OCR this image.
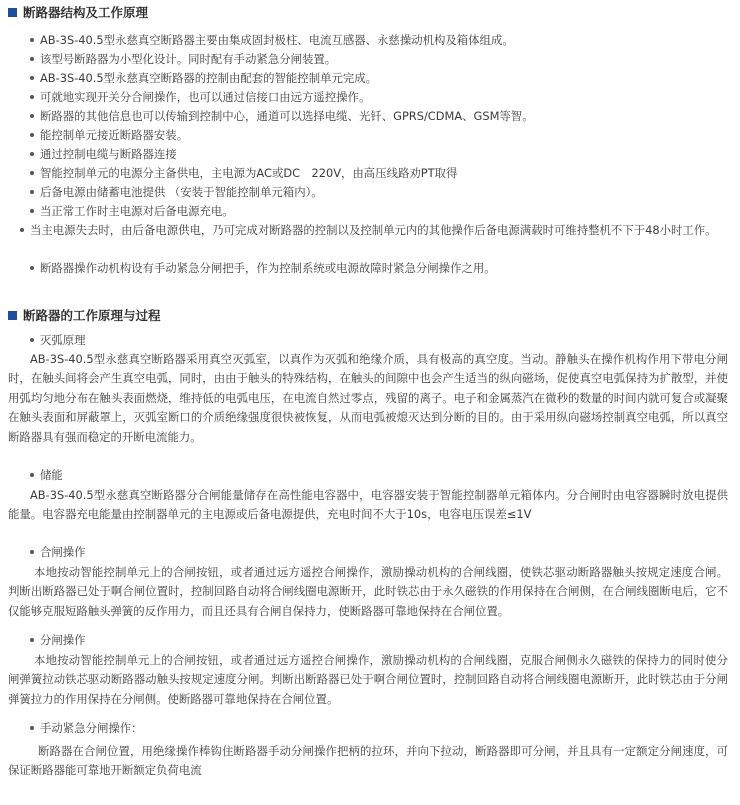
断路器结构及工作原理
AB-3S-40.5型永慈真空断路器主要由集成固封极柱、电流互感器、永慈操动机构及箱体组成。
该型号断路器为小型化设计。同时配有手动紧急分闸装置。
AB-3S-40.5型永慈真空断路器的控制由配套的智能控制单元完成。
可就地实现开关分合闸操作，也可以通过信接口由远方遥控操作。
断路器的其他信息也可以传输到控制中心，通道可以选择电缆、光钎、GPRS/CDMA、GSM等智。
能控制单元接近断路器安装。
通过控制电缆与断路器连接
智能控制单元的电源分主备供电，主电源为AC或DC　220V，由高压线路劝PT取得
后备电源由储蓄电池提供 （安装于智能控制单元箱内）。
当正常工作时主电源对后备电源充电。
当主电源失去时，由后备电源供电，乃可完成对断路器的控制以及控制单元内的其他操作后备电源满载时可维持整机不下于48小时工作。
断路器操作动机构设有手动紧急分闸把手，作为控制系统或电源故障时紧急分闸操作之用。
断路器的工作原理与过程
灭弧原理
AB-3S-40.5型永慈真空断路器采用真空灭弧室，以真作为灭弧和绝缘介质，具有极高的真空度。当动。静触头在操作机构作用下带电分闸时，在触头间将会产生真空电弧，同时，由由于触头的特殊结构，在触头的间隙中也会产生适当的纵向磁场，促使真空电弧保持为扩散型，并使用弧均匀地分布在触头表面燃烧，维持低的电弧电压，在电流自然过零点，残留的离子。电子和金属蒸汽在微秒的数量的时间内就可复合或凝聚在触头表面和屏蔽罩上，灭弧室断口的介质绝缘强度很快被恢复，从而电弧被熄灭达到分断的目的。由于采用纵向磁场控制真空电弧，所以真空断路器具有强而稳定的开断电流能力。
储能
AB-3S-40.5型永慈真空断路器分合闸能量储存在高性能电容器中，电容器安装于智能控制器单元箱体内。分合闸时由电容器瞬时放电提供能量。电容器充电能量由控制器单元的主电源或后备电源提供，充电时间不大于10s，电容电压误差≤1V
合闸操作
本地按动智能控制单元上的合闸按钮，或者通过远方遥控合闸操作，激励操动机构的合闸线圈，使铁芯驱动断路器触头按规定速度合闸。判断出断路器已处于啊合闸位置时，控制回路自动将合闸线圈电源断开，此时铁芯由于永久磁铁的作用保持在合闸侧，在合闸线圈断电后，它不仅能够克服短路触头弹簧的反作用力，而且还具有合闸自保持力，使断路器可靠地保持在合闸位置。
分闸操作
本地按动智能控制单元上的合闸按钮，或者通过远方遥控合闸操作，激励操动机构的合闸线圈，克服合闸侧永久磁铁的保持力的同时使分闸弹簧拉动铁芯驱动断路器动触头按规定速度分闸。判断出断路器已处于啊合闸位置时，控制回路自动将合闸线圈电源断开，此时铁芯由于分闸弹簧拉力的作用保持在分闸侧。使断路器可靠地保持在合闸位置。
手动紧急分闸操作：
断路器在合闸位置，用绝缘操作棒钩住断路器手动分闸操作把柄的拉环，并向下拉动，断路器即可分闸，并且具有一定额定分闸速度，可保证断路器能可靠地开断额定负荷电流
